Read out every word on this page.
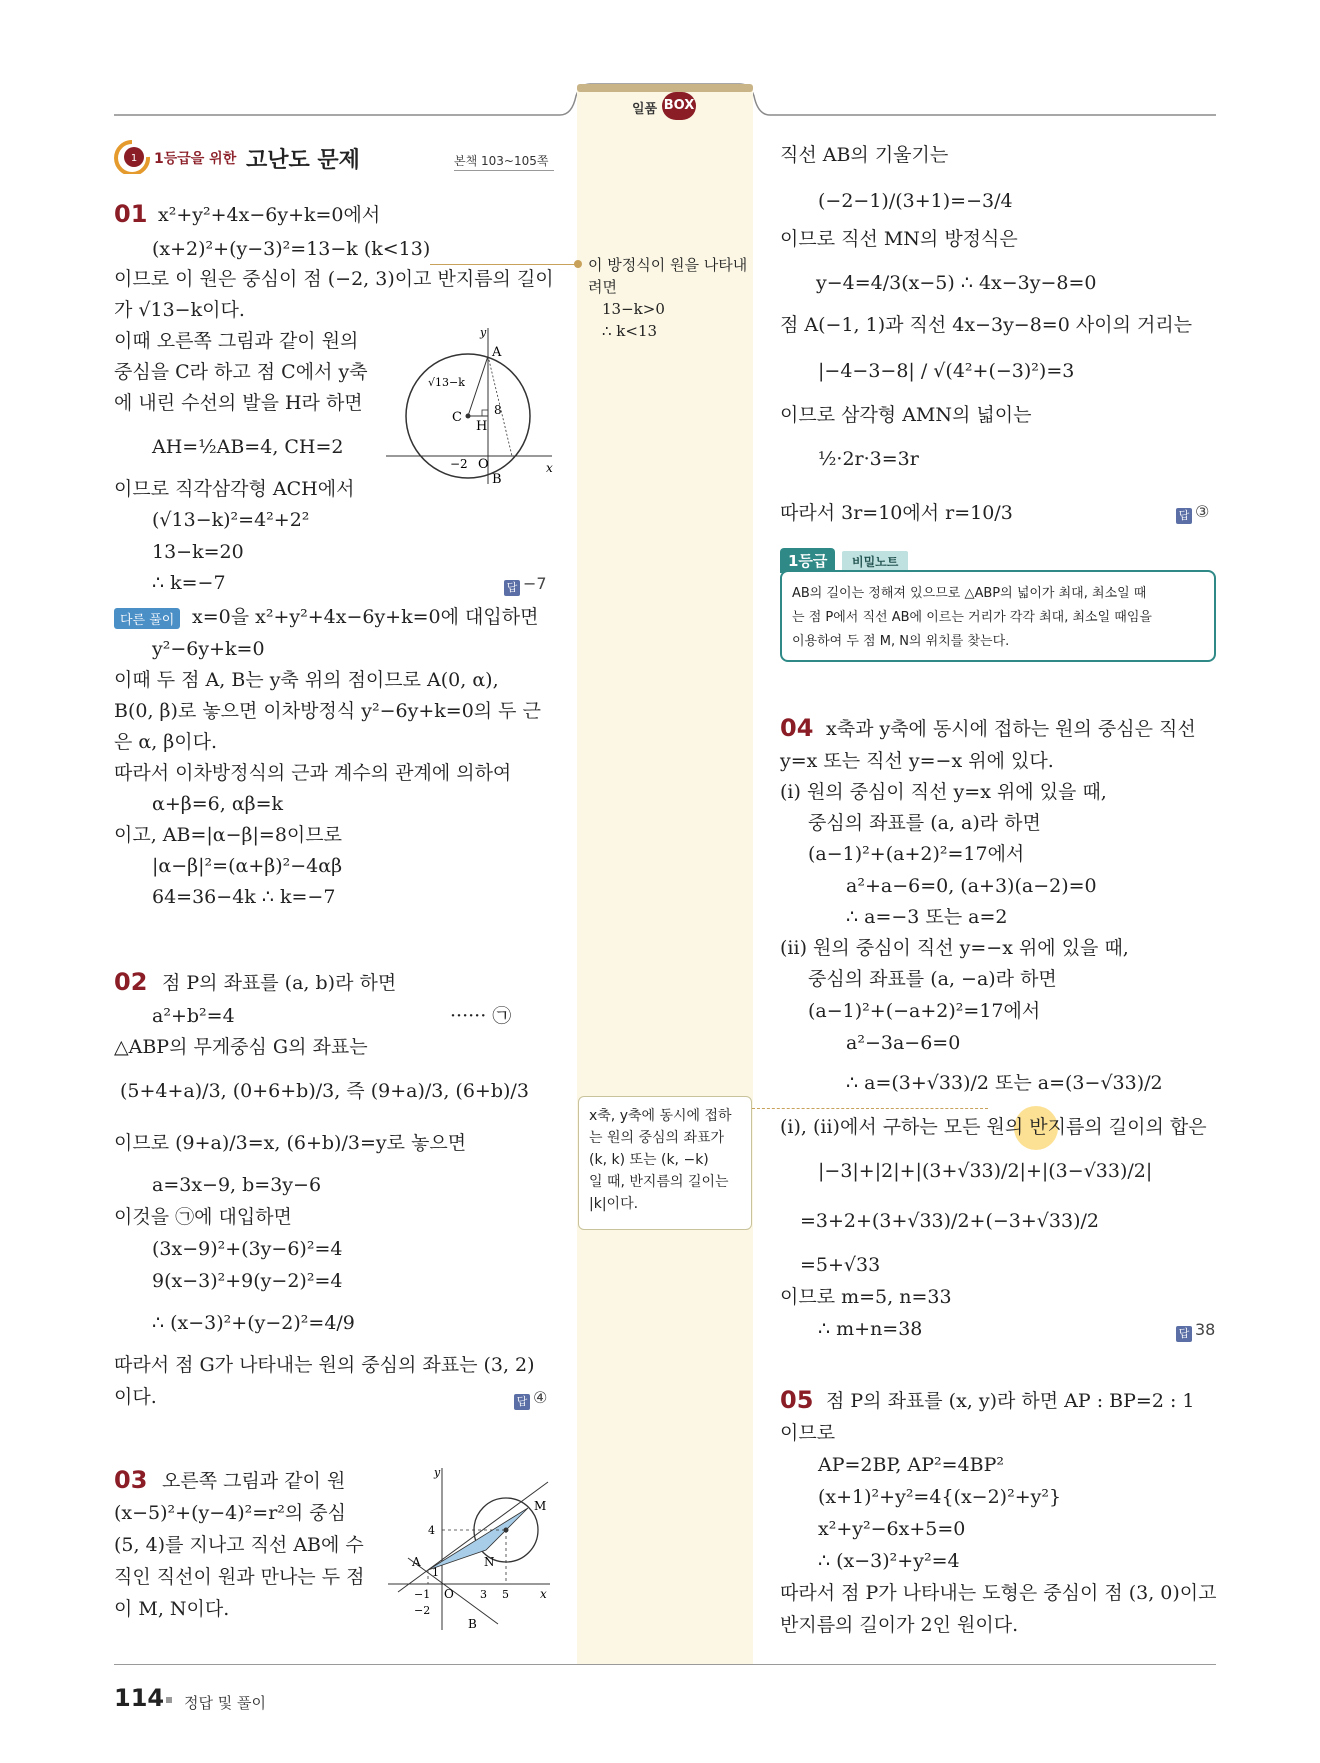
일품 BOX
1 1등급을 위한 고난도 문제	본책 103~105쪽
01 x²+y²+4x−6y+k=0에서
(x+2)²+(y−3)²=13−k (k<13)
이므로 이 원은 중심이 점 (−2, 3)이고 반지름의 길이
가 √13−k이다.
이때 오른쪽 그림과 같이 원의
중심을 C라 하고 점 C에서 y축
에 내린 수선의 발을 H라 하면
AH=½AB=4, CH=2
이므로 직각삼각형 ACH에서
(√13−k)²=4²+2²
13−k=20
∴ k=−7	답 −7
y
x
A
B
C
H
O
−2
8
√13−k
다른 풀이 x=0을 x²+y²+4x−6y+k=0에 대입하면
y²−6y+k=0
이때 두 점 A, B는 y축 위의 점이므로 A(0, α),
B(0, β)로 놓으면 이차방정식 y²−6y+k=0의 두 근
은 α, β이다.
따라서 이차방정식의 근과 계수의 관계에 의하여
α+β=6, αβ=k
이고, AB=|α−β|=8이므로
|α−β|²=(α+β)²−4αβ
64=36−4k ∴ k=−7
02 점 P의 좌표를 (a, b)라 하면
a²+b²=4	······ ㉠
△ABP의 무게중심 G의 좌표는
(5+4+a)/3, (0+6+b)/3, 즉 (9+a)/3, (6+b)/3
이므로 (9+a)/3=x, (6+b)/3=y로 놓으면
a=3x−9, b=3y−6
이것을 ㉠에 대입하면
(3x−9)²+(3y−6)²=4
9(x−3)²+9(y−2)²=4
∴ (x−3)²+(y−2)²=4/9
따라서 점 G가 나타내는 원의 중심의 좌표는 (3, 2)
이다.	답 ④
03 오른쪽 그림과 같이 원
(x−5)²+(y−4)²=r²의 중심
(5, 4)를 지나고 직선 AB에 수
직인 직선이 원과 만나는 두 점
이 M, N이다.
y
x
A
B
M
N
O
4
1
−1
−2
3 5
이 방정식이 원을 나타내
려면
13−k>0
∴ k<13
x축, y축에 동시에 접하
는 원의 중심의 좌표가
(k, k) 또는 (k, −k)
일 때, 반지름의 길이는
|k|이다.
직선 AB의 기울기는
(−2−1)/(3+1)=−3/4
이므로 직선 MN의 방정식은
y−4=4/3(x−5) ∴ 4x−3y−8=0
점 A(−1, 1)과 직선 4x−3y−8=0 사이의 거리는
|−4−3−8| / √(4²+(−3)²)=3
이므로 삼각형 AMN의 넓이는
½·2r·3=3r
따라서 3r=10에서 r=10/3	답 ③
1등급	비밀노트
AB의 길이는 정해져 있으므로 △ABP의 넓이가 최대, 최소일 때
는 점 P에서 직선 AB에 이르는 거리가 각각 최대, 최소일 때임을
이용하여 두 점 M, N의 위치를 찾는다.
04 x축과 y축에 동시에 접하는 원의 중심은 직선
y=x 또는 직선 y=−x 위에 있다.
(i) 원의 중심이 직선 y=x 위에 있을 때,
중심의 좌표를 (a, a)라 하면
(a−1)²+(a+2)²=17에서
a²+a−6=0, (a+3)(a−2)=0
∴ a=−3 또는 a=2
(ii) 원의 중심이 직선 y=−x 위에 있을 때,
중심의 좌표를 (a, −a)라 하면
(a−1)²+(−a+2)²=17에서
a²−3a−6=0
∴ a=(3+√33)/2 또는 a=(3−√33)/2
(i), (ii)에서 구하는 모든 원의 반지름의 길이의 합은
|−3|+|2|+|(3+√33)/2|+|(3−√33)/2|
=3+2+(3+√33)/2+(−3+√33)/2
=5+√33
이므로 m=5, n=33
∴ m+n=38	답 38
05 점 P의 좌표를 (x, y)라 하면 AP : BP=2 : 1
이므로
AP=2BP, AP²=4BP²
(x+1)²+y²=4{(x−2)²+y²}
x²+y²−6x+5=0
∴ (x−3)²+y²=4
따라서 점 P가 나타내는 도형은 중심이 점 (3, 0)이고
반지름의 길이가 2인 원이다.
114 정답 및 풀이
